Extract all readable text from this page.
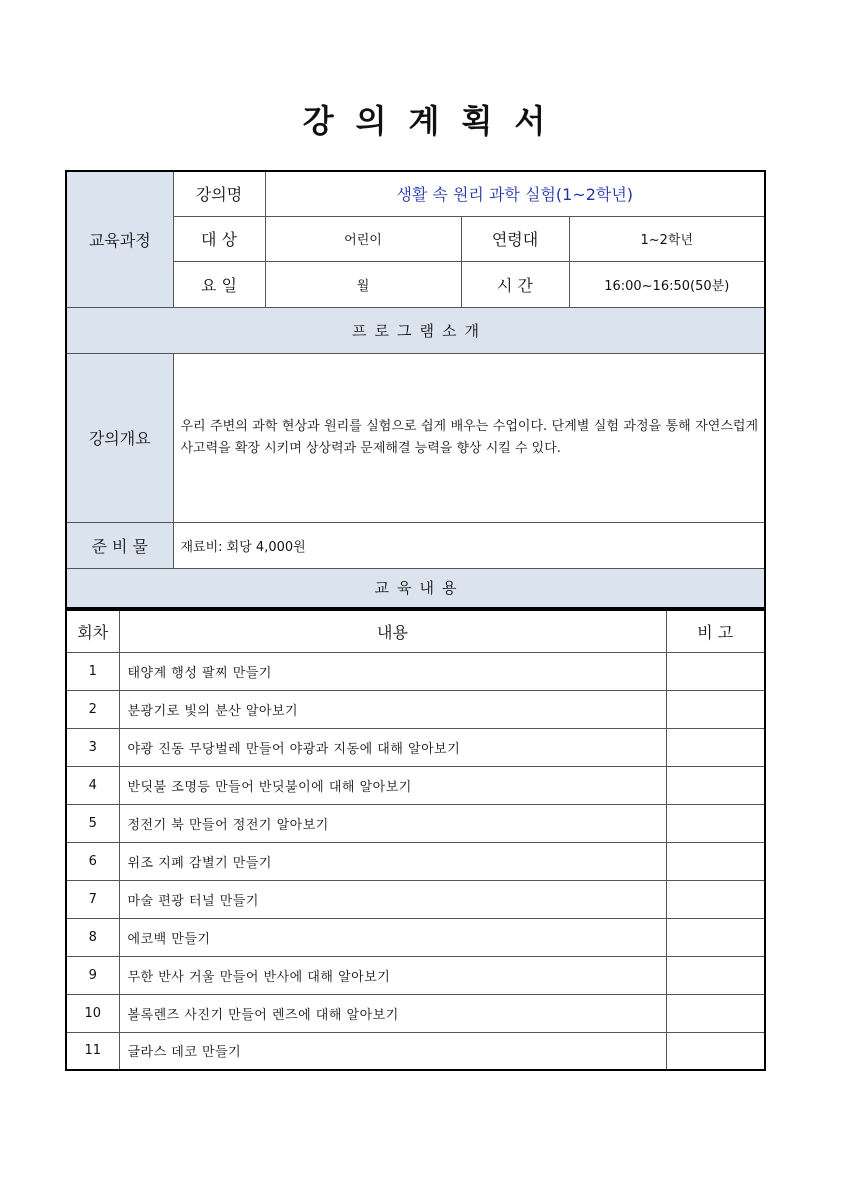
강의계획서
교육과정	강의명	생활 속 원리 과학 실험(1~2학년)		
	대 상	어린이	연령대	1~2학년
	요 일	월	시 간	16:00~16:50(50분)
프로그램소개				
강의개요	우리 주변의 과학 현상과 원리를 실험으로 쉽게 배우는 수업이다. 단계별 실험 과정을 통해 자연스럽게 사고력을 확장 시키며 상상력과 문제해결 능력을 향상 시킬 수 있다.			
준 비 물	재료비: 회당 4,000원			
교육내용				
회차	내용	비 고
1	태양계 행성 팔찌 만들기	
2	분광기로 빛의 분산 알아보기	
3	야광 진동 무당벌레 만들어 야광과 지동에 대해 알아보기	
4	반딧불 조명등 만들어 반딧불이에 대해 알아보기	
5	정전기 북 만들어 정전기 알아보기	
6	위조 지폐 감별기 만들기	
7	마술 편광 터널 만들기	
8	에코백 만들기	
9	무한 반사 거울 만들어 반사에 대해 알아보기	
10	볼록렌즈 사진기 만들어 렌즈에 대해 알아보기	
11	글라스 데코 만들기	
